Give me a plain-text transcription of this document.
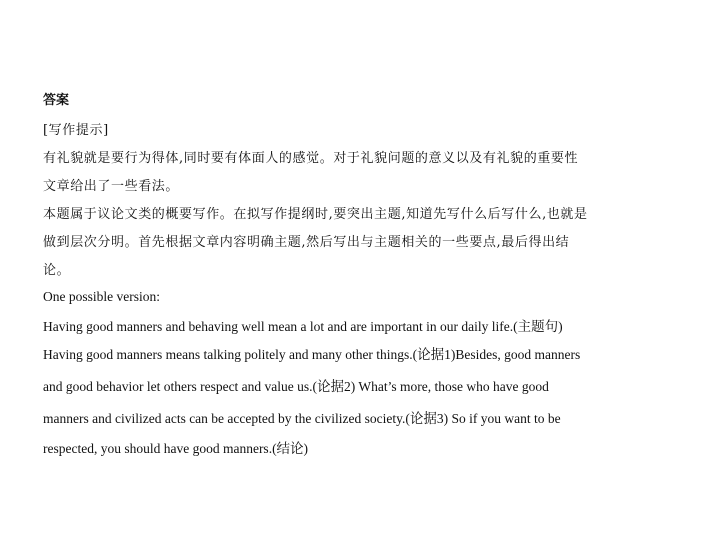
答案
[写作提示]
有礼貌就是要行为得体,同时要有体面人的感觉。对于礼貌问题的意义以及有礼貌的重要性
文章给出了一些看法。
本题属于议论文类的概要写作。在拟写作提纲时,要突出主题,知道先写什么后写什么,也就是
做到层次分明。首先根据文章内容明确主题,然后写出与主题相关的一些要点,最后得出结
论。
One possible version:
Having good manners and behaving well mean a lot and are important in our daily life.(主题句)
Having good manners means talking politely and many other things.(论据1)Besides, good manners
and good behavior let others respect and value us.(论据2) What’s more, those who have good
manners and civilized acts can be accepted by the civilized society.(论据3) So if you want to be
respected, you should have good manners.(结论)
